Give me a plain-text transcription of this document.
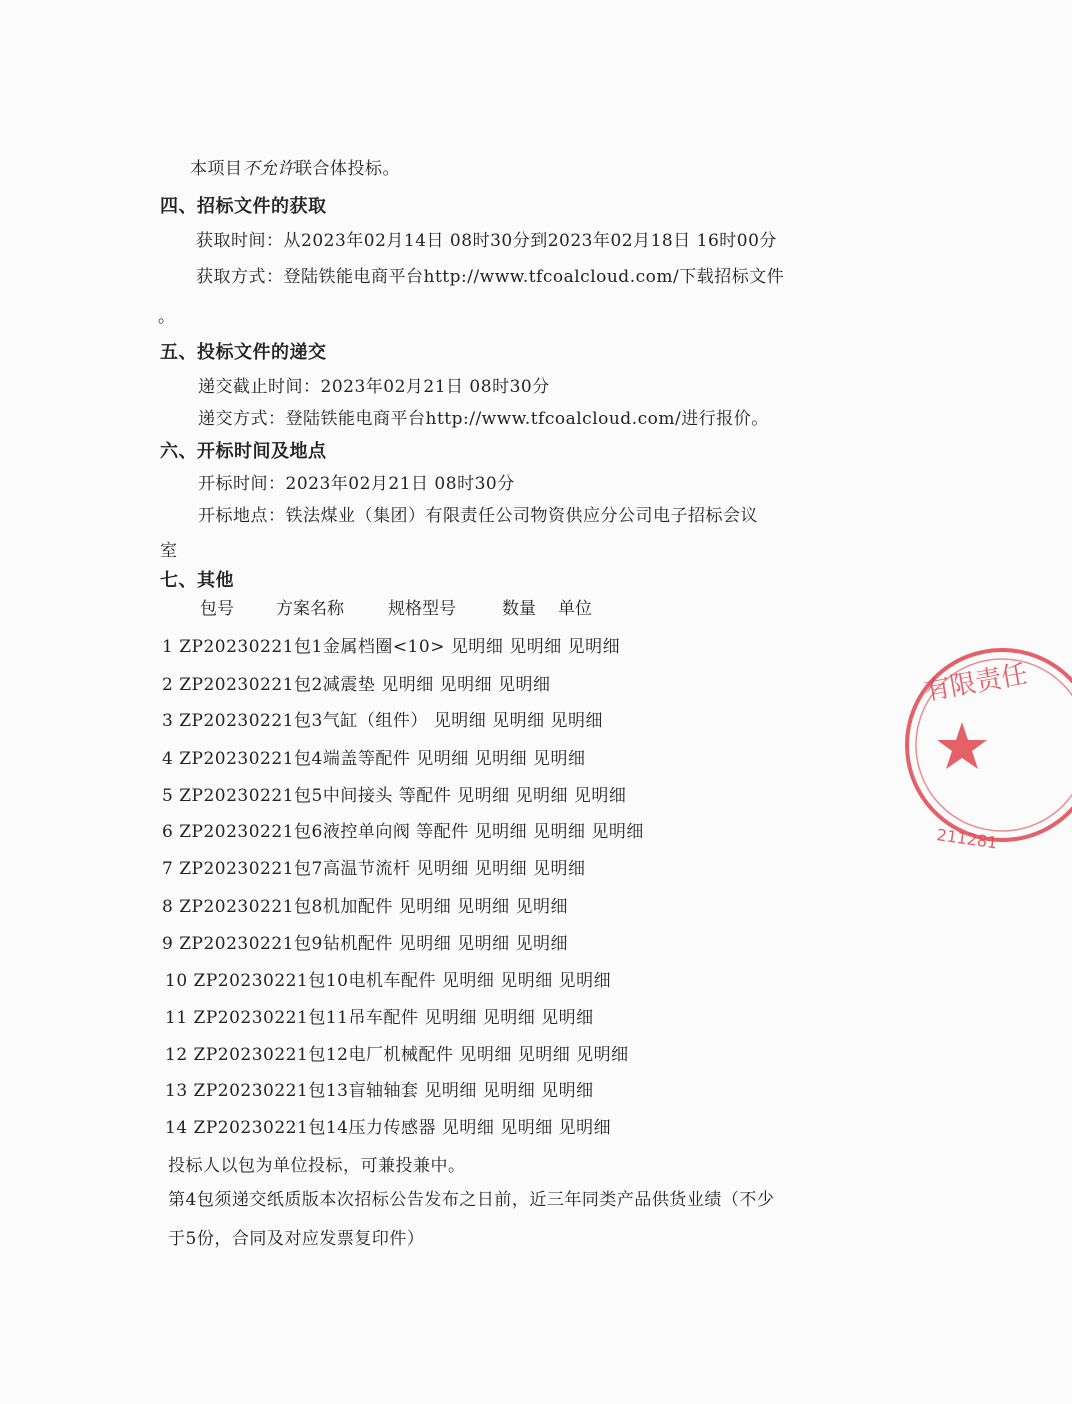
本项目不允许联合体投标。
四、招标文件的获取
获取时间：从2023年02月14日 08时30分到2023年02月18日 16时00分
获取方式：登陆铁能电商平台http://www.tfcoalcloud.com/下载招标文件
。
五、投标文件的递交
递交截止时间：2023年02月21日 08时30分
递交方式：登陆铁能电商平台http://www.tfcoalcloud.com/进行报价。
六、开标时间及地点
开标时间：2023年02月21日 08时30分
开标地点：铁法煤业（集团）有限责任公司物资供应分公司电子招标会议
室
七、其他
包号 方案名称	规格型号	数量 单位
1 ZP20230221包1金属档圈<10> 见明细 见明细 见明细
2 ZP20230221包2减震垫 见明细 见明细 见明细
3 ZP20230221包3气缸（组件） 见明细 见明细 见明细
4 ZP20230221包4端盖等配件 见明细 见明细 见明细
5 ZP20230221包5中间接头 等配件 见明细 见明细 见明细
6 ZP20230221包6液控单向阀 等配件 见明细 见明细 见明细
7 ZP20230221包7高温节流杆 见明细 见明细 见明细
8 ZP20230221包8机加配件 见明细 见明细 见明细
9 ZP20230221包9钻机配件 见明细 见明细 见明细
10 ZP20230221包10电机车配件 见明细 见明细 见明细
11 ZP20230221包11吊车配件 见明细 见明细 见明细
12 ZP20230221包12电厂机械配件 见明细 见明细 见明细
13 ZP20230221包13盲轴轴套 见明细 见明细 见明细
14 ZP20230221包14压力传感器 见明细 见明细 见明细
投标人以包为单位投标，可兼投兼中。
第4包须递交纸质版本次招标公告发布之日前，近三年同类产品供货业绩（不少
于5份，合同及对应发票复印件）
有限责任
211281
